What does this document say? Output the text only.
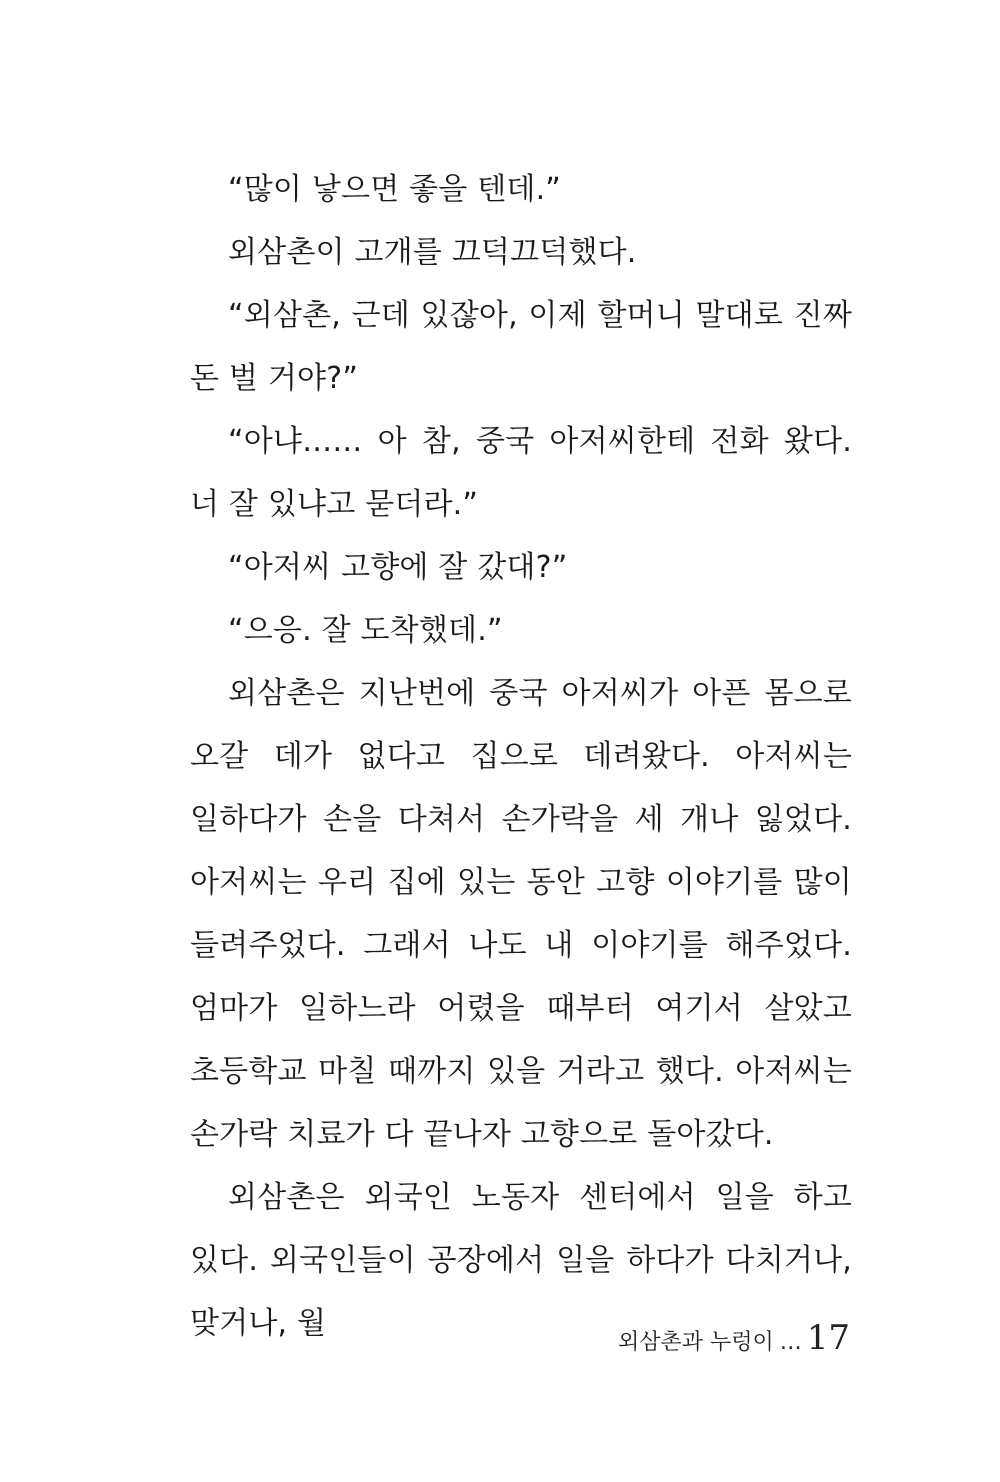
“많이 낳으면 좋을 텐데.”

외삼촌이 고개를 끄덕끄덕했다.

“외삼촌, 근데 있잖아, 이제 할머니 말대로 진짜 돈 벌 거야?”

“아냐…… 아 참, 중국 아저씨한테 전화 왔다. 너 잘 있냐고 묻더라.”

“아저씨 고향에 잘 갔대?”

“으응. 잘 도착했데.”

외삼촌은 지난번에 중국 아저씨가 아픈 몸으로 오갈 데가 없다고 집으로 데려왔다. 아저씨는 일하다가 손을 다쳐서 손가락을 세 개나 잃었다. 아저씨는 우리 집에 있는 동안 고향 이야기를 많이 들려주었다. 그래서 나도 내 이야기를 해주었다. 엄마가 일하느라 어렸을 때부터 여기서 살았고 초등학교 마칠 때까지 있을 거라고 했다. 아저씨는 손가락 치료가 다 끝나자 고향으로 돌아갔다.

외삼촌은 외국인 노동자 센터에서 일을 하고 있다. 외국인들이 공장에서 일을 하다가 다치거나, 맞거나, 월

외삼촌과 누렁이 … 17
